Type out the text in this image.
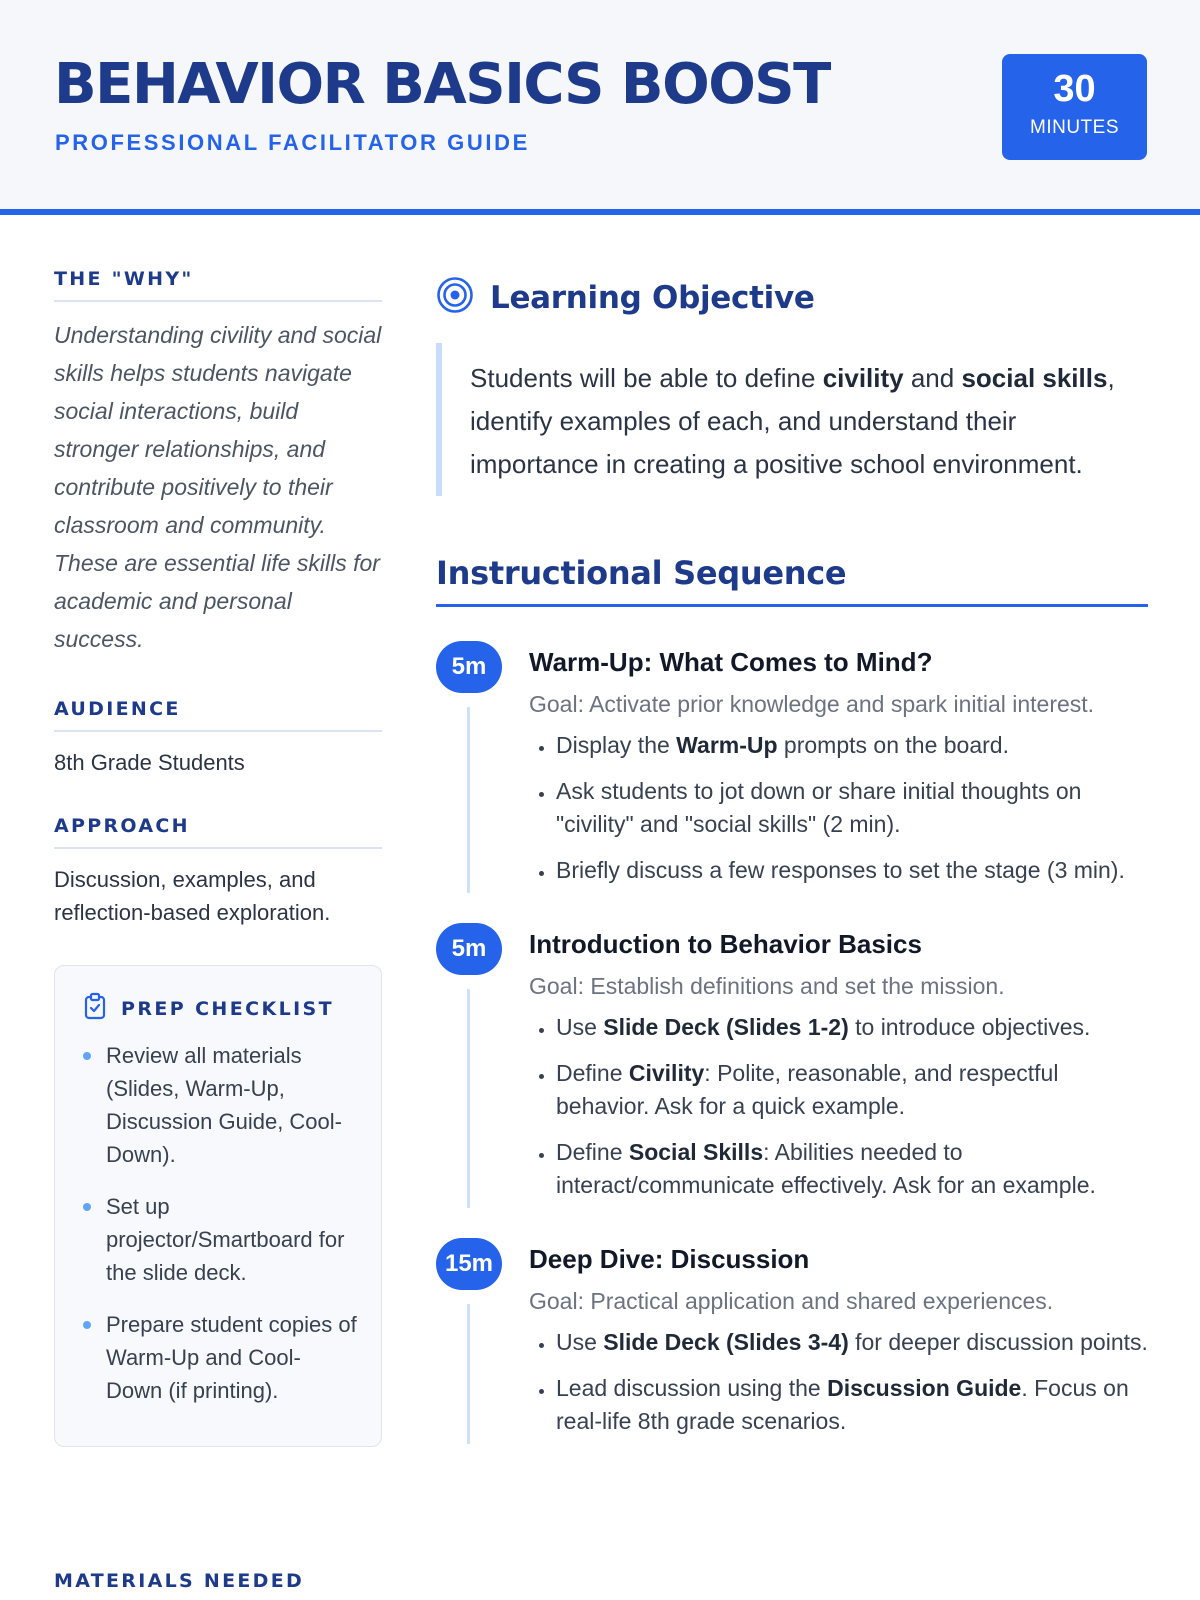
BEHAVIOR BASICS BOOST
PROFESSIONAL FACILITATOR GUIDE
30
MINUTES
THE "WHY"
Understanding civility and social skills helps students navigate social interactions, build stronger relationships, and contribute positively to their classroom and community. These are essential life skills for academic and personal success.
AUDIENCE
8th Grade Students
APPROACH
Discussion, examples, and reflection-based exploration.
PREP CHECKLIST
Review all materials (Slides, Warm-Up, Discussion Guide, Cool-Down).
Set up projector/Smartboard for the slide deck.
Prepare student copies of Warm-Up and Cool-Down (if printing).
MATERIALS NEEDED
Learning Objective
Students will be able to define civility and social skills, identify examples of each, and understand their importance in creating a positive school environment.
Instructional Sequence
5m	Warm-Up: What Comes to Mind?
Goal: Activate prior knowledge and spark initial interest.
• Display the Warm-Up prompts on the board.
• Ask students to jot down or share initial thoughts on "civility" and "social skills" (2 min).
• Briefly discuss a few responses to set the stage (3 min).
5m	Introduction to Behavior Basics
Goal: Establish definitions and set the mission.
• Use Slide Deck (Slides 1-2) to introduce objectives.
• Define Civility: Polite, reasonable, and respectful behavior. Ask for a quick example.
• Define Social Skills: Abilities needed to interact/communicate effectively. Ask for an example.
15m	Deep Dive: Discussion
Goal: Practical application and shared experiences.
• Use Slide Deck (Slides 3-4) for deeper discussion points.
• Lead discussion using the Discussion Guide. Focus on real-life 8th grade scenarios.
